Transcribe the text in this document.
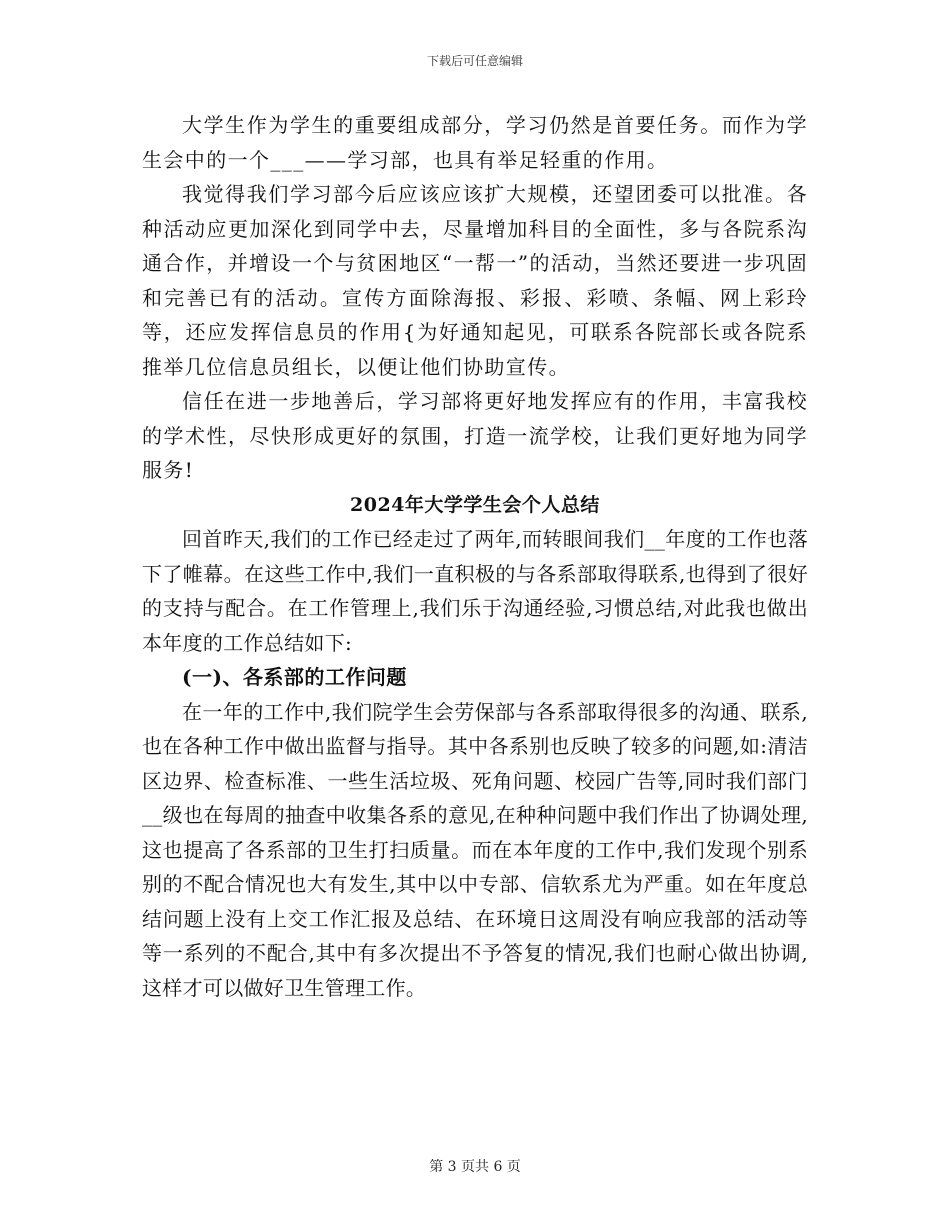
下载后可任意编辑

大学生作为学生的重要组成部分，学习仍然是首要任务。而作为学生会中的一个___——学习部，也具有举足轻重的作用。

我觉得我们学习部今后应该应该扩大规模，还望团委可以批准。各种活动应更加深化到同学中去，尽量增加科目的全面性，多与各院系沟通合作，并增设一个与贫困地区“一帮一”的活动，当然还要进一步巩固和完善已有的活动。宣传方面除海报、彩报、彩喷、条幅、网上彩玲等，还应发挥信息员的作用{为好通知起见，可联系各院部长或各院系推举几位信息员组长，以便让他们协助宣传。

信任在进一步地善后，学习部将更好地发挥应有的作用，丰富我校的学术性，尽快形成更好的氛围，打造一流学校，让我们更好地为同学服务!

2024年大学学生会个人总结

回首昨天,我们的工作已经走过了两年,而转眼间我们__年度的工作也落下了帷幕。在这些工作中,我们一直积极的与各系部取得联系,也得到了很好的支持与配合。在工作管理上,我们乐于沟通经验,习惯总结,对此我也做出本年度的工作总结如下:

(一)、各系部的工作问题

在一年的工作中,我们院学生会劳保部与各系部取得很多的沟通、联系,也在各种工作中做出监督与指导。其中各系别也反映了较多的问题,如:清洁区边界、检查标准、一些生活垃圾、死角问题、校园广告等,同时我们部门__级也在每周的抽查中收集各系的意见,在种种问题中我们作出了协调处理,这也提高了各系部的卫生打扫质量。而在本年度的工作中,我们发现个别系别的不配合情况也大有发生,其中以中专部、信软系尤为严重。如在年度总结问题上没有上交工作汇报及总结、在环境日这周没有响应我部的活动等等一系列的不配合,其中有多次提出不予答复的情况,我们也耐心做出协调,这样才可以做好卫生管理工作。

第 3 页共 6 页
